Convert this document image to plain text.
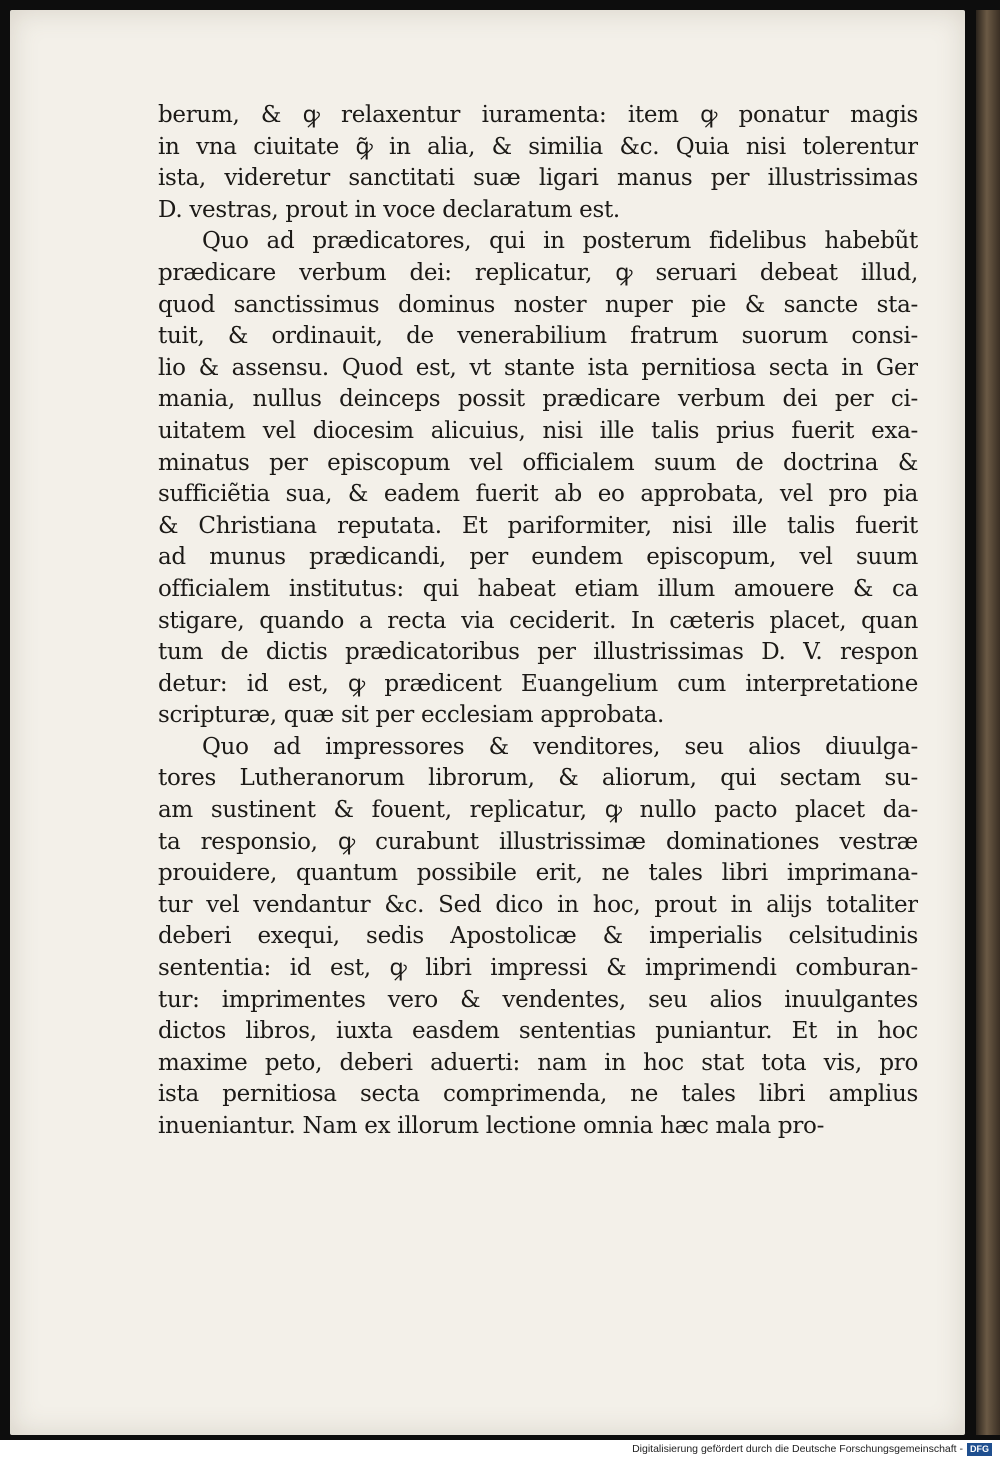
berum, & ꝙ relaxentur iuramenta: item ꝙ ponatur magis
in vna ciuitate ꝙ̃ in alia, & similia &c. Quia nisi tolerentur
ista, videretur sanctitati suæ ligari manus per illustrissimas
D. vestras, prout in voce declaratum est.
Quo ad prædicatores, qui in posterum fidelibus habebũt
prædicare verbum dei: replicatur, ꝙ seruari debeat illud,
quod sanctissimus dominus noster nuper pie & sancte sta-
tuit, & ordinauit, de venerabilium fratrum suorum consi-
lio & assensu. Quod est, vt stante ista pernitiosa secta in Ger
mania, nullus deinceps possit prædicare verbum dei per ci-
uitatem vel diocesim alicuius, nisi ille talis prius fuerit exa-
minatus per episcopum vel officialem suum de doctrina &
sufficiẽtia sua, & eadem fuerit ab eo approbata, vel pro pia
& Christiana reputata. Et pariformiter, nisi ille talis fuerit
ad munus prædicandi, per eundem episcopum, vel suum
officialem institutus: qui habeat etiam illum amouere & ca
stigare, quando a recta via ceciderit. In cæteris placet, quan
tum de dictis prædicatoribus per illustrissimas D. V. respon
detur: id est, ꝙ prædicent Euangelium cum interpretatione
scripturæ, quæ sit per ecclesiam approbata.
Quo ad impressores & venditores, seu alios diuulga-
tores Lutheranorum librorum, & aliorum, qui sectam su-
am sustinent & fouent, replicatur, ꝙ nullo pacto placet da-
ta responsio, ꝙ curabunt illustrissimæ dominationes vestræ
prouidere, quantum possibile erit, ne tales libri imprimana-
tur vel vendantur &c. Sed dico in hoc, prout in alijs totaliter
deberi exequi, sedis Apostolicæ & imperialis celsitudinis
sententia: id est, ꝙ libri impressi & imprimendi comburan-
tur: imprimentes vero & vendentes, seu alios inuulgantes
dictos libros, iuxta easdem sententias puniantur. Et in hoc
maxime peto, deberi aduerti: nam in hoc stat tota vis, pro
ista pernitiosa secta comprimenda, ne tales libri amplius
inueniantur. Nam ex illorum lectione omnia hæc mala pro-
Digitalisierung gefördert durch die Deutsche Forschungsgemeinschaft - DFG
